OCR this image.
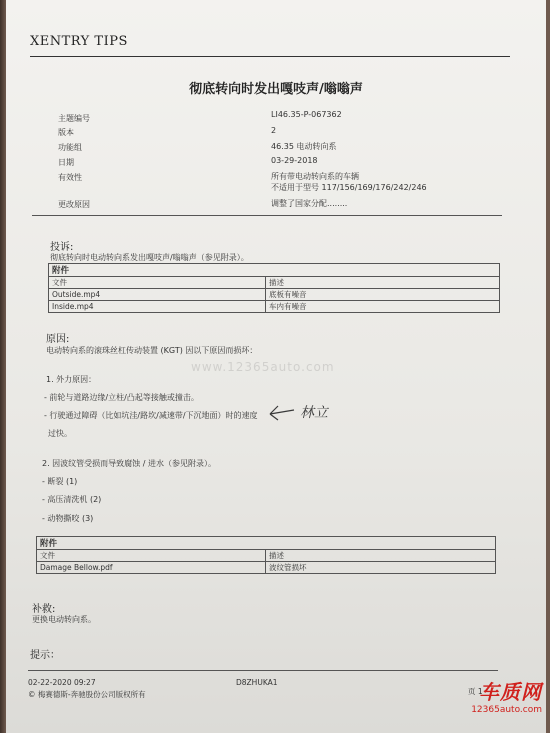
XENTRY TIPS
彻底转向时发出嘎吱声/嗡嗡声
主题编号	LI46.35-P-067362
版本	2
功能组	46.35 电动转向系
日期	03-29-2018
有效性	所有带电动转向系的车辆
不适用于型号 117/156/169/176/242/246
更改原因	调整了国家分配........
投诉:
彻底转向时电动转向系发出嘎吱声/嗡嗡声（参见附录）。
附件	
文件	描述
Outside.mp4	底板有噪音
Inside.mp4	车内有噪音
原因:
电动转向系的滚珠丝杠传动装置 (KGT) 因以下原因而损坏：
www.12365auto.com
1. 外力原因：
- 前轮与道路边缘/立柱/凸起等接触或撞击。
- 行驶通过障碍（比如坑洼/路坎/减速带/下沉地面）时的速度	林立
过快。
2. 因波纹管受损而导致腐蚀 / 进水（参见附录）。
- 断裂 (1)
- 高压清洗机 (2)
- 动物撕咬 (3)
附件	
文件	描述
Damage Bellow.pdf	波纹管损坏
补救:
更换电动转向系。
提示：
02-22-2020 09:27	D8ZHUKA1
© 梅赛德斯-奔驰股份公司版权所有	页 1
车质网
12365auto.com
